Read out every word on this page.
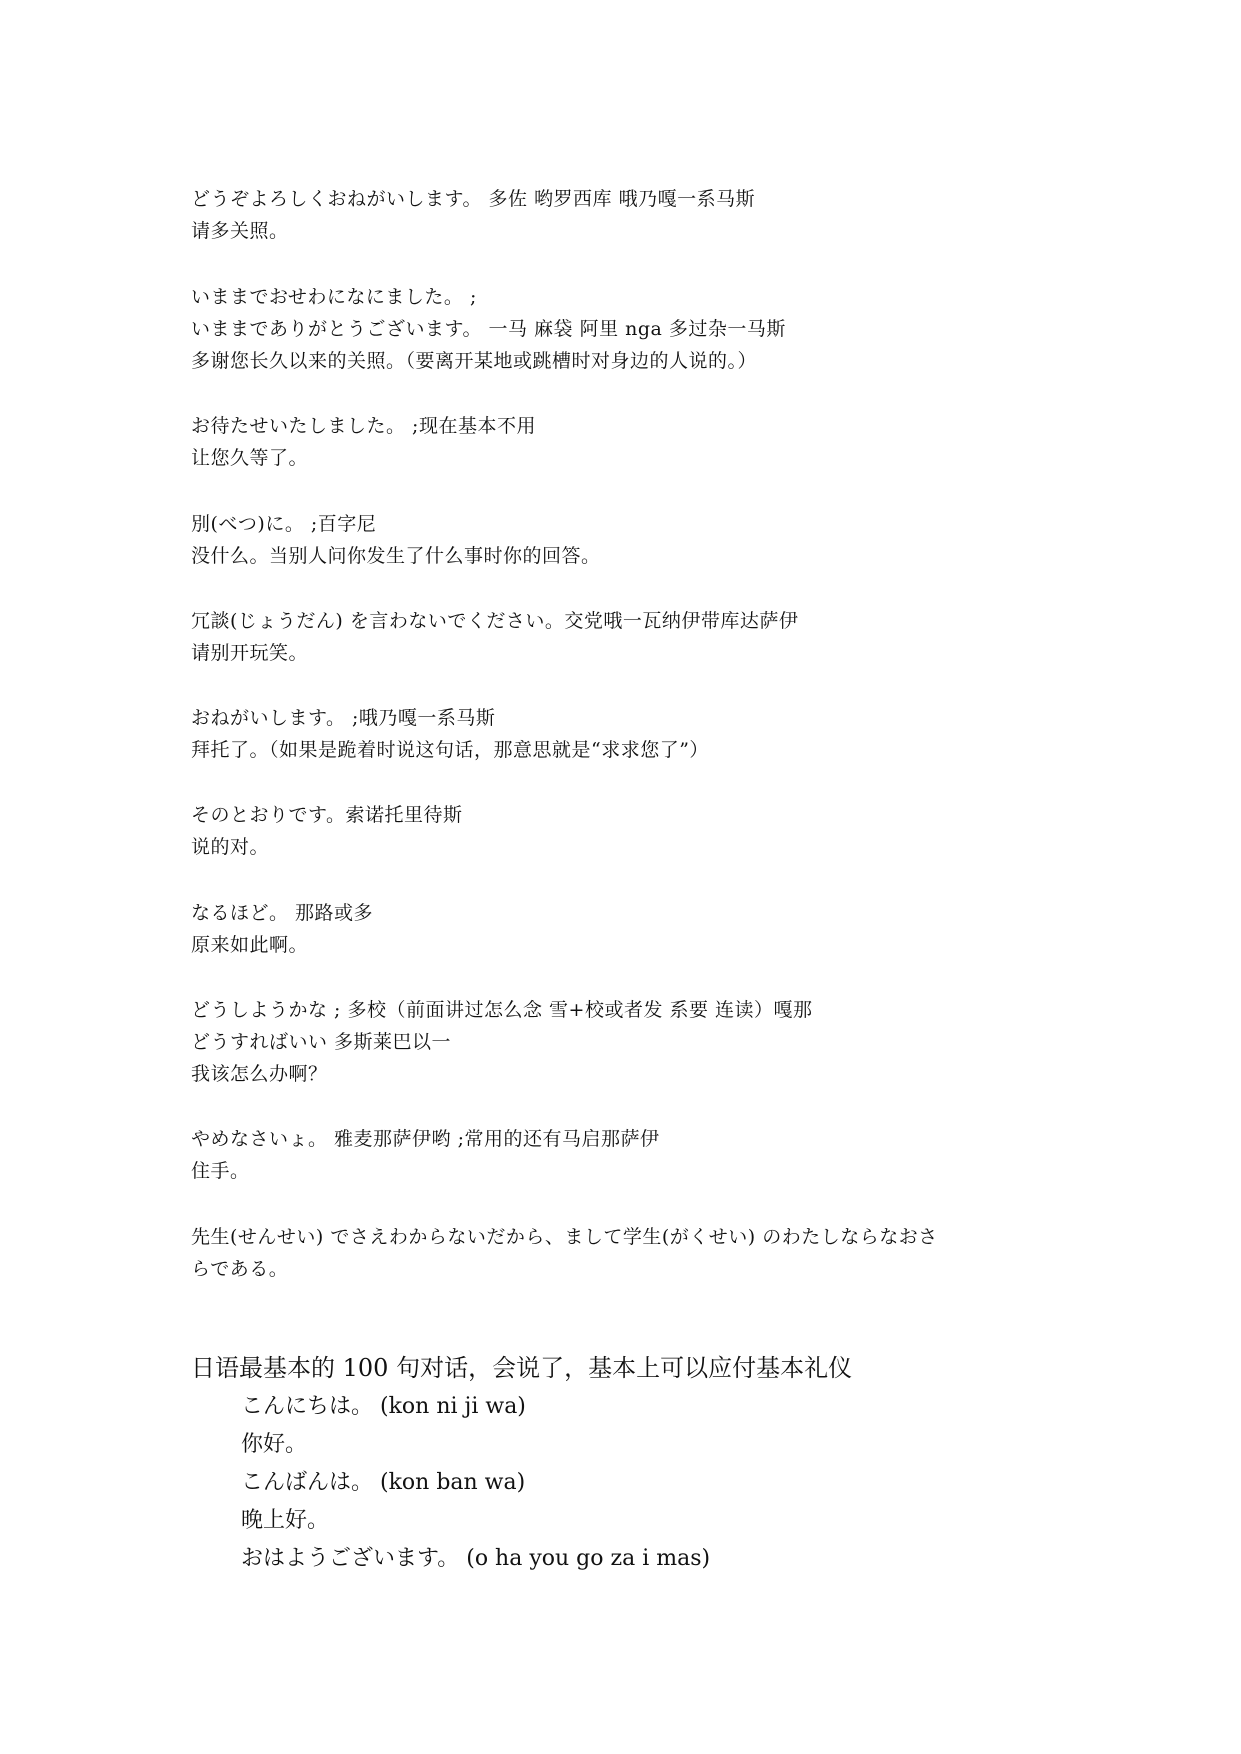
どうぞよろしくおねがいします。 多佐 哟罗西库 哦乃嘎一系马斯
请多关照。
いままでおせわになにました。 ;
いままでありがとうございます。 一马 麻袋 阿里 nga 多过杂一马斯
多谢您长久以来的关照。（要离开某地或跳槽时对身边的人说的。）
お待たせいたしました。 ;现在基本不用
让您久等了。
別(べつ)に。 ;百字尼
没什么。当别人问你发生了什么事时你的回答。
冗談(じょうだん) を言わないでください。交党哦一瓦纳伊带库达萨伊
请别开玩笑。
おねがいします。 ;哦乃嘎一系马斯
拜托了。（如果是跪着时说这句话，那意思就是“求求您了”）
そのとおりです。索诺托里待斯
说的对。
なるほど。 那路或多
原来如此啊。
どうしようかな ; 多校（前面讲过怎么念 雪+校或者发 系要 连读）嘎那
どうすればいい 多斯莱巴以一
我该怎么办啊？
やめなさいょ。 雅麦那萨伊哟 ;常用的还有马启那萨伊
住手。
先生(せんせい) でさえわからないだから、まして学生(がくせい) のわたしならなおさ
らである。
日语最基本的 100 句对话，会说了，基本上可以应付基本礼仪
こんにちは。 (kon ni ji wa)
你好。
こんばんは。 (kon ban wa)
晚上好。
おはようございます。 (o ha you go za i mas)
